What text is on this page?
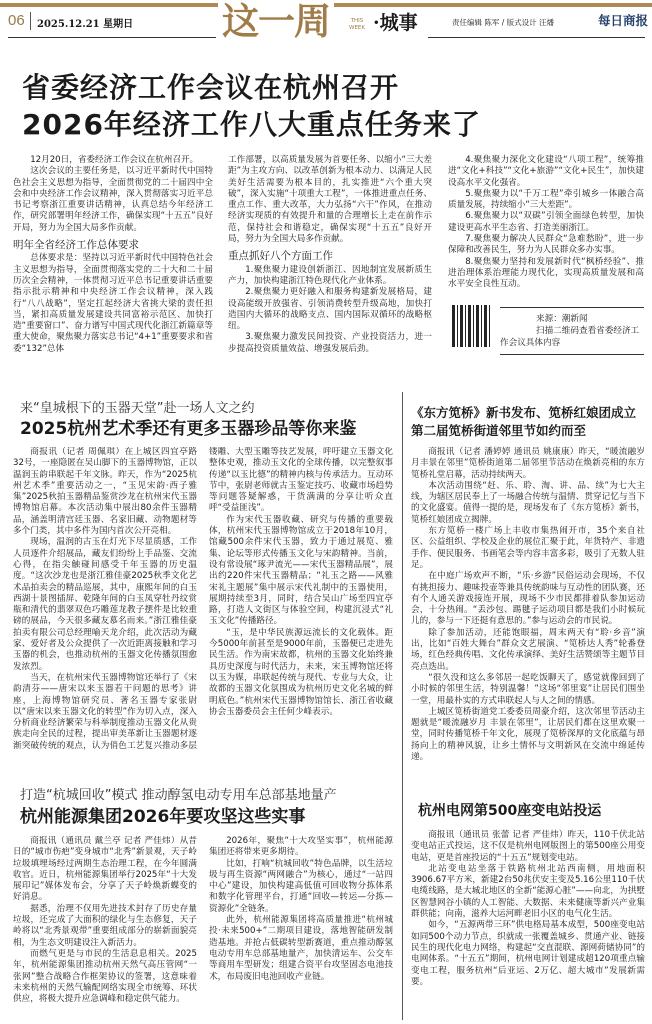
06 2025.12.21 星期日 这一周	THIS WEEK ·城事	责任编辑 陈军 / 版式设计 汪燔	每日商报
省委经济工作会议在杭州召开
2026年经济工作八大重点任务来了

12月20日，省委经济工作会议在杭州召开。

这次会议的主要任务是，以习近平新时代中国特色社会主义思想为指导，全面贯彻党的二十届四中全会和中央经济工作会议精神，深入贯彻落实习近平总书记考察浙江重要讲话精神，认真总结今年经济工作，研究部署明年经济工作，确保实现“十五五”良好开局，努力为全国大局多作贡献。

明年全省经济工作总体要求

总体要求是：坚持以习近平新时代中国特色社会主义思想为指导，全面贯彻落实党的二十大和二十届历次全会精神，一体贯彻习近平总书记重要讲话重要指示批示精神和中央经济工作会议精神，深入践行“八八战略”，坚定扛起经济大省挑大梁的责任担当，紧扣高质量发展建设共同富裕示范区、加快打造“重要窗口”、奋力谱写中国式现代化浙江新篇章等重大使命，聚焦聚力落实总书记“4+1”重要要求和省委“132”总体

工作部署，以高质量发展为首要任务、以缩小“三大差距”为主攻方向、以改革创新为根本动力、以满足人民美好生活需要为根本目的，扎实推进“六个重大突破”，深入实施“十项重大工程”，一体推进重点任务、重点工作、重大改革，大力弘扬“六干”作风，在推动经济实现质的有效提升和量的合理增长上走在前作示范，保持社会和谐稳定，确保实现“十五五”良好开局，努力为全国大局多作贡献。

重点抓好八个方面工作

1.聚焦聚力建设创新浙江、因地制宜发展新质生产力，加快构建浙江特色现代化产业体系。

2.聚焦聚力更好融入和服务构建新发展格局，建设高能级开放强省、引领消费转型升级高地，加快打造国内大循环的战略支点、国内国际双循环的战略枢纽。

3.聚焦聚力激发民间投资、产业投资活力，进一步提高投资质量效益、增强发展后劲。

4.聚焦聚力深化文化建设“八项工程”，统筹推进“文化+科技”“文化+旅游”“文化+民生”，加快建设高水平文化强省。

5.聚焦聚力以“千万工程”牵引城乡一体融合高质量发展，持续缩小“三大差距”。

6.聚焦聚力以“双碳”引领全面绿色转型，加快建设更高水平生态省、打造美丽浙江。

7.聚焦聚力解决人民群众“急难愁盼”，进一步保障和改善民生，努力为人民群众多办实事。

8.聚焦聚力坚持和发展新时代“枫桥经验”、推进治理体系治理能力现代化，实现高质量发展和高水平安全良性互动。

来源：潮新闻
扫描二维码查看省委经济工作会议具体内容
来“皇城根下的玉器天堂”赴一场人文之约
2025杭州艺术季还有更多玉器珍品等你来鉴

商报讯（记者 周佩琪）在上城区四宜亭路32号，一座隐匿在吴山脚下的玉器博物馆，正以温润玉韵串联起千年文脉。昨天，作为“2025杭州艺术季”重要活动之一，“玉见宋韵·西子雅集”2025秋拍玉器精品鉴赏沙龙在杭州宋代玉器博物馆启幕。本次活动集中展出80余件玉器精品，涵盖明清宫廷玉器、名家旧藏、动物题材等多个门类，其中多件为国内首次公开亮相。

现场，温润的古玉在灯光下尽显质感，工作人员逐件介绍展品，藏友们纷纷上手品鉴、交流心得，在指尖触碰间感受千年玉器的历史温度。“这次沙龙也是浙江雅佳豪2025秋季文化艺术品拍卖会的精品巡展，其中，康熙年间的白玉西湖十景图插屏、乾隆年间的白玉凤穿牡丹纹赏瓶和清代的翡翠双色巧雕莲龙教子摆件是比较重磅的展品，今天很多藏友慕名而来。”浙江雅佳豪拍卖有限公司总经理喻天龙介绍，此次活动为藏家、爱好者及公众提供了一次近距离接触和学习玉器的机会，也推动杭州的玉器文化传播氛围愈发浓烈。

当天，在杭州宋代玉器博物馆还举行了《宋韵清芬——唐宋以来玉器若干问题的思考》讲座，上海博物馆研究员、著名玉器专家张尉以“唐宋以来玉器文化的转型”作为切入点，深入分析商业经济繁荣与科举制度推动玉器文化从贵族走向全民的过程，提出审美革新让玉器题材逐渐突破传统的观点，认为俏色工艺复兴推动多层镂雕、大型玉雕等技艺发展，呼吁建立玉器文化整体史观，推动玉文化的全球传播，以完整叙事传递“以玉比德”的精神内核与传承活力。互动环节中，张尉老师就古玉鉴定技巧、收藏市场趋势等问题答疑解惑，干货满满的分享让听众直呼“受益匪浅”。

作为宋代玉器收藏、研究与传播的重要载体，杭州宋代玉器博物馆成立于2018年10月，馆藏500余件宋代玉器，致力于通过展览、雅集、论坛等形式传播玉文化与宋韵精神。当前，设有常设展“琢尹流光——宋代玉器精品展”，展出约220件宋代玉器精品；“礼玉之路——风雅宋礼主题展”集中展示宋代礼制中的玉器使用，展期持续至3月，同时，结合吴山广场至四宜亭路，打造人文街区与体验空间，构建沉浸式“礼玉文化”传播路径。

“玉，是中华民族源远流长的文化载体。距今5000年前甚至是9000年前，玉器便已走进先民生活。作为南宋故都，杭州的玉器文化始终兼具历史深度与时代活力，未来，宋玉博物馆还将以玉为媒，串联起传统与现代、专业与大众，让故都的玉器文化氛围成为杭州历史文化名城的鲜明底色。”杭州宋代玉器博物馆馆长、浙江省收藏协会玉器委员会主任何少峰表示。

《东方笕桥》新书发布、笕桥红娘团成立
第二届笕桥街道邻里节如约而至

商报讯（记者 潘婷婷 通讯员 姚康康）昨天，“暖流融岁月丰景在邻里”笕桥街道第二届邻里节活动在焕新亮相的东方笕桥礼堂启幕，活动持续两天。

本次活动围绕“赶、乐、聆、淘、讲、品、续”为七大主线，为辖区居民奉上了一场融合传统与温情、贯穿记忆与当下的文化盛宴。值得一提的是，现场发布了《东方笕桥》新书，笕桥红娘团成立揭牌。

东方笕桥一楼广场上丰收市集热闹开市，35个来自社区、公益组织、学校及企业的展位汇聚于此，年货特产、非遗手作、便民服务、书画笔会等内容丰富多彩，吸引了无数人驻足。

在中庭广场欢声不断，“乐·乡游”民俗运动会现场，不仅有挑担接力、趣味投壶等兼具传统韵味与互动性的团队赛，还有个人通关游戏接连开展，现场不少市民都排着队参加运动会，十分热闹。“丢沙包、踢毽子运动项目都是我们小时候玩儿的，参与一下还挺有意思的。”参与运动会的市民说。

除了参加活动，还能饱眼福，周末两天有“聆·乡音”演出，比如“百姓大舞台”群众文艺展演、“笕桥达人秀”轮番登场，红色经典传唱、文化传承演绎、美好生活赞颂等主题节目亮点迭出。

“很久没和这么多邻居一起吃饭聊天了，感觉就像回到了小时候的邻里生活，特别温馨！”这场“邻里宴”让居民们围坐一堂，用最朴实的方式串联起人与人之间的情感。

上城区笕桥街道党工委委员周豪介绍，这次邻里节活动主题就是“暖流融岁月 丰景在邻里”，让居民们都在这里欢聚一堂，同时传播笕桥千年文化，展现了笕桥深厚的文化底蕴与昂扬向上的精神风貌，让乡土情怀与文明新风在交流中绵延传递。

杭州电网第500座变电站投运

商报讯（通讯员 张蕾 记者 严佳炜）昨天，110千伏北站变电站正式投运，这不仅是杭州电网版图上的第500座公用变电站，更是首座投运的“十五五”规划变电站。

北站变电站坐落于铁路杭州北站西南侧，用地面积3906.67平方米，新建2台50兆伏安主变及5.16公里110千伏电缆线路，是大城北地区的全新“能源心脏”——向北，为拱墅区智慧网谷小镇的人工智能、大数据、未来健康等新兴产业集群供能；向南，滋养大运河畔老旧小区的电气化生活。

如今，“五源两带三环”供电格局基本成型，500座变电站如同500个动力节点，织就成一张覆盖城乡、贯通产业、链接民生的现代化电力网络，构建起“交直混联、源网荷储协同”的电网体系。“十五五”期间，杭州电网计划建成超120项重点输变电工程，服务杭州“后亚运、2万亿、超大城市”发展新需要。

打造“杭城回收”模式 推动醇氢电动专用车总部基地量产
杭州能源集团2026年要攻坚这些实事

商报讯（通讯员 戴兰亭 记者 严佳炜）从昔日的“城市伤疤”变身城市“北秀”新景观，天子岭垃圾填埋场经过两期生态治理工程，在今年圆满收官。近日，杭州能源集团举行2025年“十大发展印记”媒体发布会，分享了天子岭焕新蝶变的好消息。

据悉，治理不仅用先进技术封存了历史存量垃圾，还完成了大面积的绿化与生态修复，天子岭将以“北秀景观带”重要组成部分的崭新面貌亮相，为生态文明建设注入新活力。

而燃气更是与市民的生活息息相关。2025年，杭州能源集团推动杭州天然气高压管网“一张网”整合战略合作框架协议的签署，这意味着未来杭州的天然气输配网络实现全市统筹、环状供应，将极大提升应急调峰和稳定供气能力。

2026年，聚焦“十大攻坚实事”，杭州能源集团还将带来更多期待。

比如，打响“杭城回收”特色品牌，以生活垃圾与再生资源“两网融合”为核心，通过“一站四中心”建设，加快构建高低值可回收物分拣体系和数字化管理平台，打通“回收—转运—分拣—资源化”全链条。

此外，杭州能源集团将高质量推进“杭州城投·未来500+”二期项目建设，落地智能研发制造基地。并抢占低碳转型新赛道，重点推动醇氢电动专用车总部基地量产，加快清运车、公交车等商用车型研发；组建合资平台攻坚固态电池技术，布局废旧电池回收产业链。
